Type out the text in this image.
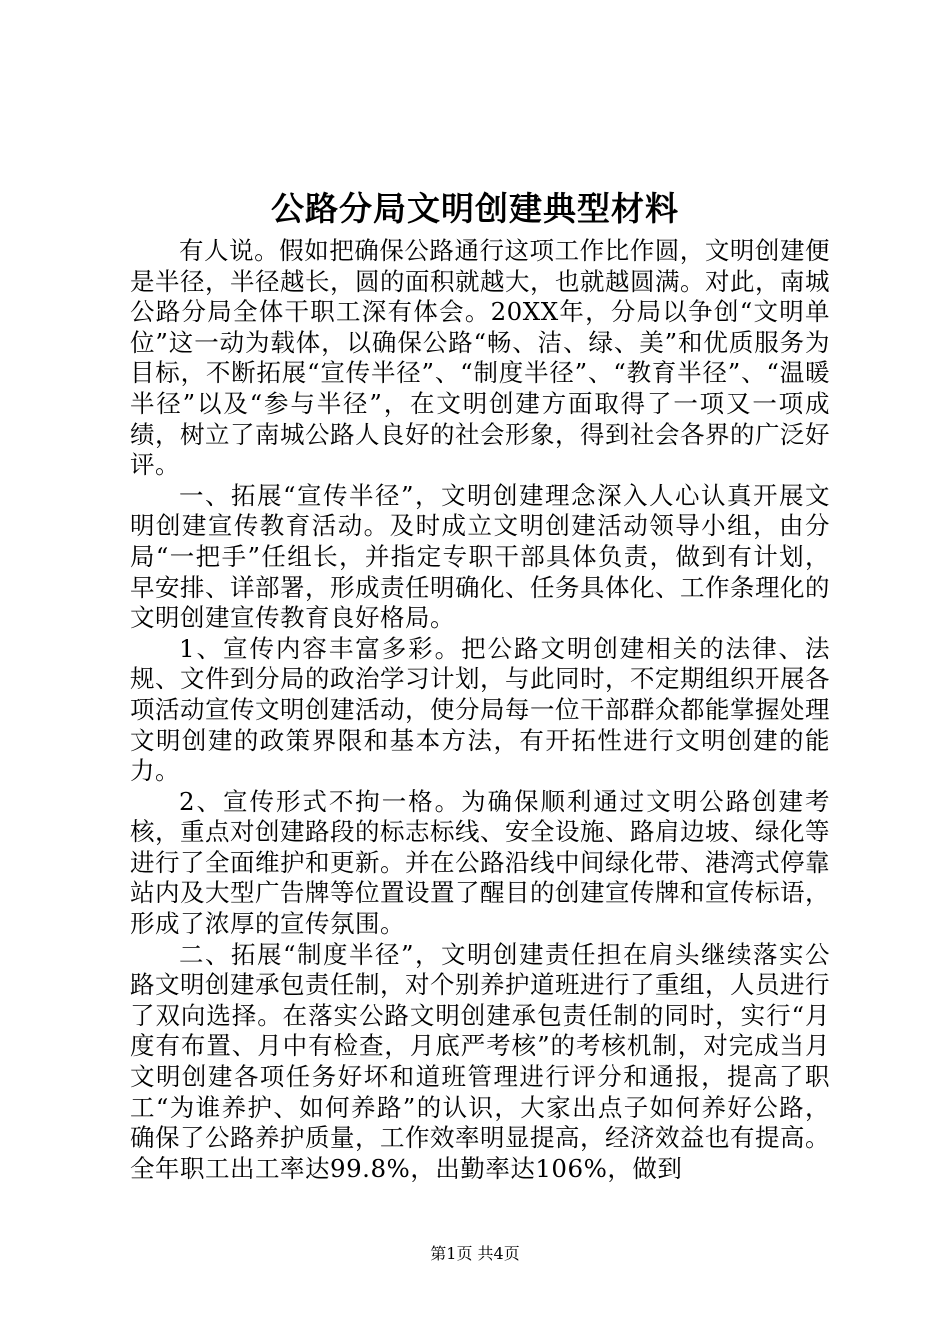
公路分局文明创建典型材料

有人说。假如把确保公路通行这项工作比作圆，文明创建便是半径，半径越长，圆的面积就越大，也就越圆满。对此，南城公路分局全体干职工深有体会。20XX年，分局以争创“文明单位”这一动为载体，以确保公路“畅、洁、绿、美”和优质服务为目标，不断拓展“宣传半径”、“制度半径”、“教育半径”、“温暖半径”以及“参与半径”，在文明创建方面取得了一项又一项成绩，树立了南城公路人良好的社会形象，得到社会各界的广泛好评。

一、拓展“宣传半径”，文明创建理念深入人心认真开展文明创建宣传教育活动。及时成立文明创建活动领导小组，由分局“一把手”任组长，并指定专职干部具体负责，做到有计划，早安排、详部署，形成责任明确化、任务具体化、工作条理化的文明创建宣传教育良好格局。

1、宣传内容丰富多彩。把公路文明创建相关的法律、法规、文件到分局的政治学习计划，与此同时，不定期组织开展各项活动宣传文明创建活动，使分局每一位干部群众都能掌握处理文明创建的政策界限和基本方法，有开拓性进行文明创建的能力。

2、宣传形式不拘一格。为确保顺利通过文明公路创建考核，重点对创建路段的标志标线、安全设施、路肩边坡、绿化等进行了全面维护和更新。并在公路沿线中间绿化带、港湾式停靠站内及大型广告牌等位置设置了醒目的创建宣传牌和宣传标语，形成了浓厚的宣传氛围。

二、拓展“制度半径”，文明创建责任担在肩头继续落实公路文明创建承包责任制，对个别养护道班进行了重组，人员进行了双向选择。在落实公路文明创建承包责任制的同时，实行“月度有布置、月中有检查，月底严考核”的考核机制，对完成当月文明创建各项任务好坏和道班管理进行评分和通报，提高了职工“为谁养护、如何养路”的认识，大家出点子如何养好公路，确保了公路养护质量，工作效率明显提高，经济效益也有提高。全年职工出工率达99.8%，出勤率达106%，做到

第1页 共4页
